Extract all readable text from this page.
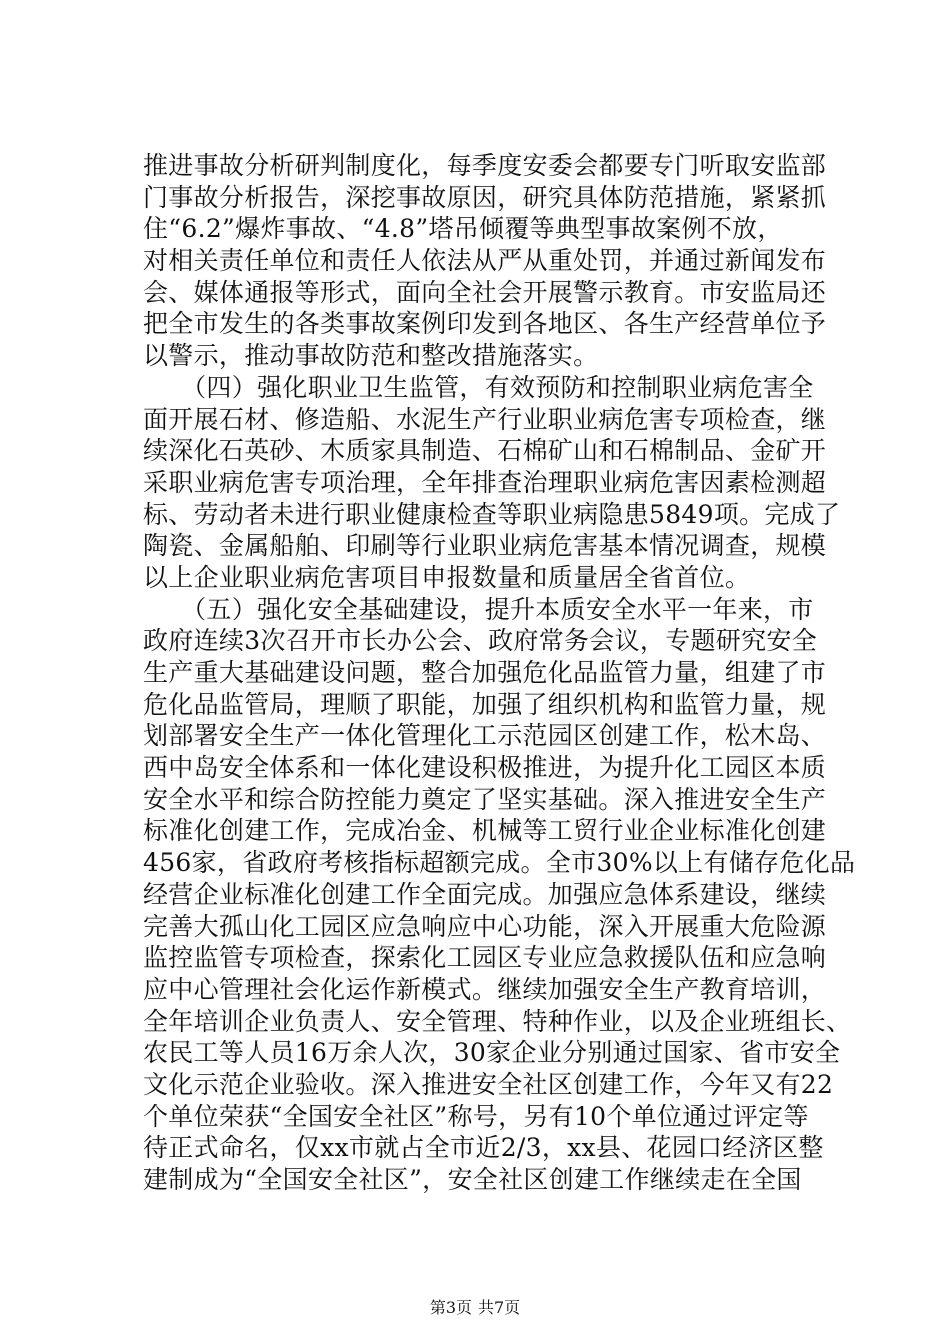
推进事故分析研判制度化，每季度安委会都要专门听取安监部
门事故分析报告，深挖事故原因，研究具体防范措施，紧紧抓
住“6.2”爆炸事故、“4.8”塔吊倾覆等典型事故案例不放，
对相关责任单位和责任人依法从严从重处罚，并通过新闻发布
会、媒体通报等形式，面向全社会开展警示教育。市安监局还
把全市发生的各类事故案例印发到各地区、各生产经营单位予
以警示，推动事故防范和整改措施落实。
　　（四）强化职业卫生监管，有效预防和控制职业病危害全
面开展石材、修造船、水泥生产行业职业病危害专项检查，继
续深化石英砂、木质家具制造、石棉矿山和石棉制品、金矿开
采职业病危害专项治理，全年排查治理职业病危害因素检测超
标、劳动者未进行职业健康检查等职业病隐患5849项。完成了
陶瓷、金属船舶、印刷等行业职业病危害基本情况调查，规模
以上企业职业病危害项目申报数量和质量居全省首位。
　　（五）强化安全基础建设，提升本质安全水平一年来，市
政府连续3次召开市长办公会、政府常务会议，专题研究安全
生产重大基础建设问题，整合加强危化品监管力量，组建了市
危化品监管局，理顺了职能，加强了组织机构和监管力量，规
划部署安全生产一体化管理化工示范园区创建工作，松木岛、
西中岛安全体系和一体化建设积极推进，为提升化工园区本质
安全水平和综合防控能力奠定了坚实基础。深入推进安全生产
标准化创建工作，完成冶金、机械等工贸行业企业标准化创建
456家，省政府考核指标超额完成。全市30%以上有储存危化品
经营企业标准化创建工作全面完成。加强应急体系建设，继续
完善大孤山化工园区应急响应中心功能，深入开展重大危险源
监控监管专项检查，探索化工园区专业应急救援队伍和应急响
应中心管理社会化运作新模式。继续加强安全生产教育培训，
全年培训企业负责人、安全管理、特种作业，以及企业班组长、
农民工等人员16万余人次，30家企业分别通过国家、省市安全
文化示范企业验收。深入推进安全社区创建工作，今年又有22
个单位荣获“全国安全社区”称号，另有10个单位通过评定等
待正式命名，仅xx市就占全市近2/3，xx县、花园口经济区整
建制成为“全国安全社区”，安全社区创建工作继续走在全国
第3页 共7页
